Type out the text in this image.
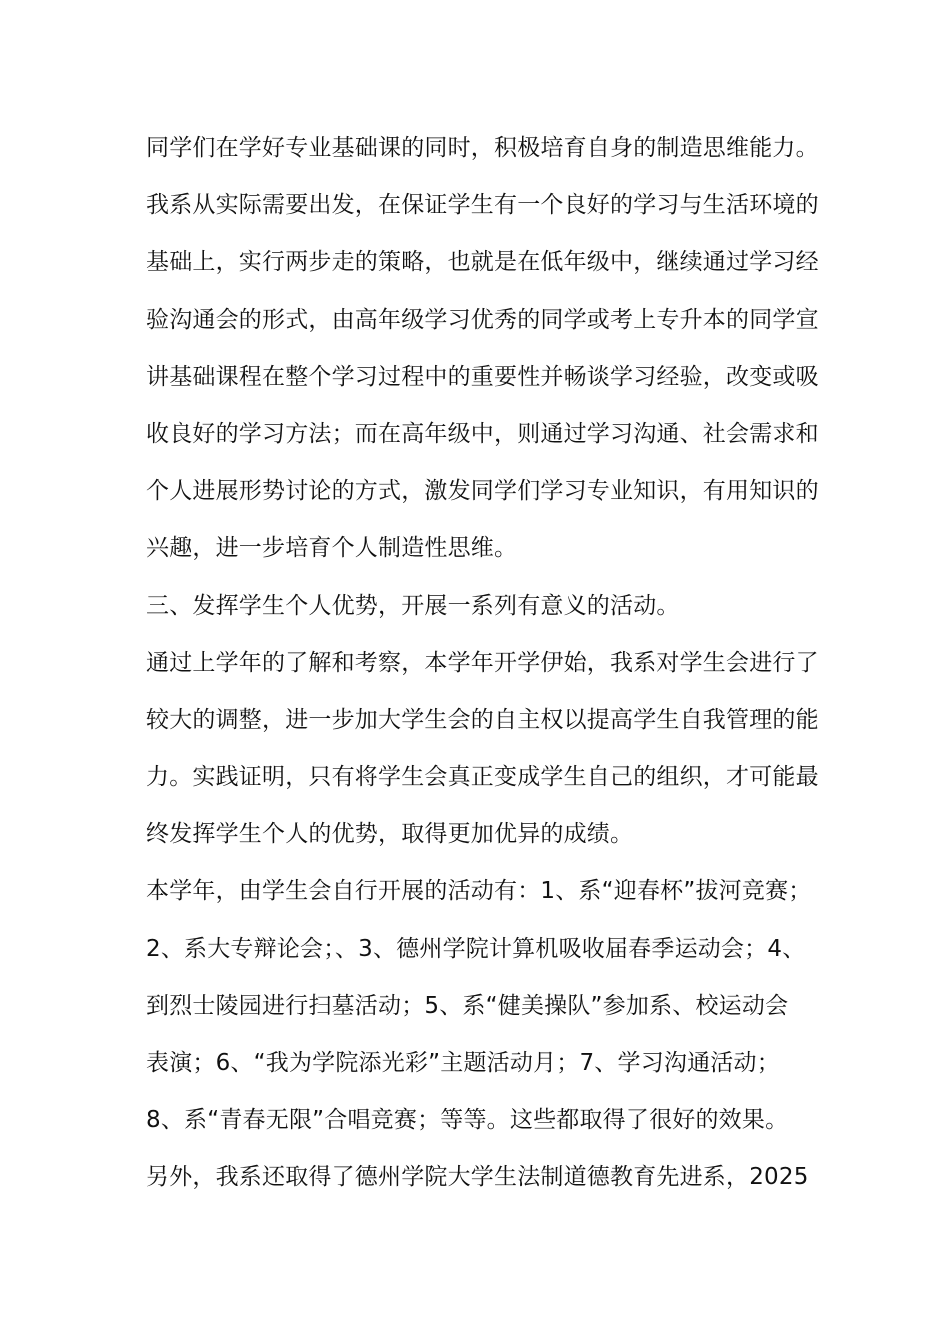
同学们在学好专业基础课的同时，积极培育自身的制造思维能力。
我系从实际需要出发，在保证学生有一个良好的学习与生活环境的
基础上，实行两步走的策略，也就是在低年级中，继续通过学习经
验沟通会的形式，由高年级学习优秀的同学或考上专升本的同学宣
讲基础课程在整个学习过程中的重要性并畅谈学习经验，改变或吸
收良好的学习方法；而在高年级中，则通过学习沟通、社会需求和
个人进展形势讨论的方式，激发同学们学习专业知识，有用知识的
兴趣，进一步培育个人制造性思维。
三、发挥学生个人优势，开展一系列有意义的活动。
通过上学年的了解和考察，本学年开学伊始，我系对学生会进行了
较大的调整，进一步加大学生会的自主权以提高学生自我管理的能
力。实践证明，只有将学生会真正变成学生自己的组织，才可能最
终发挥学生个人的优势，取得更加优异的成绩。
本学年，由学生会自行开展的活动有：1、系“迎春杯”拔河竞赛；
2、系大专辩论会；、3、德州学院计算机吸收届春季运动会；4、
到烈士陵园进行扫墓活动；5、系“健美操队”参加系、校运动会
表演；6、“我为学院添光彩”主题活动月；7、学习沟通活动；
8、系“青春无限”合唱竞赛；等等。这些都取得了很好的效果。
另外，我系还取得了德州学院大学生法制道德教育先进系，2025
